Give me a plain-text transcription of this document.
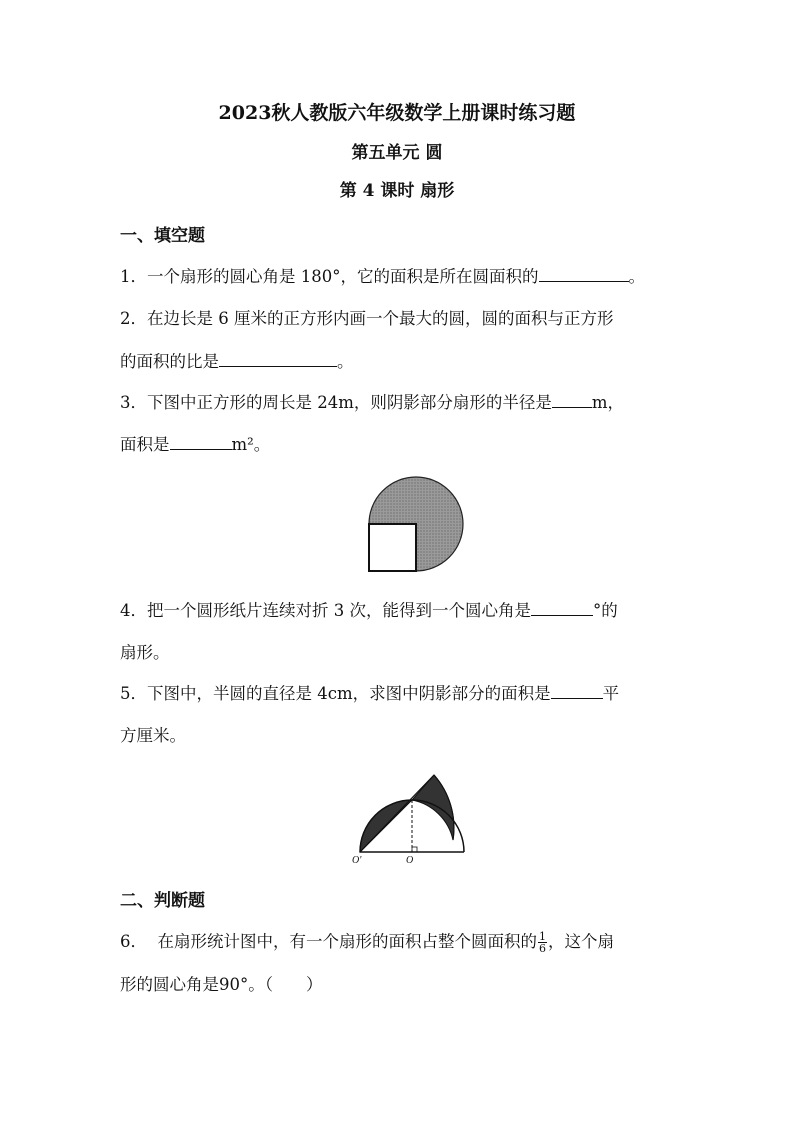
2023秋人教版六年级数学上册课时练习题
第五单元 圆
第 4 课时 扇形
一、填空题
1．一个扇形的圆心角是 180°，它的面积是所在圆面积的	。
2．在边长是 6 厘米的正方形内画一个最大的圆，圆的面积与正方形
的面积的比是	。
3．下图中正方形的周长是 24m，则阴影部分扇形的半径是 m，
面积是	m²。
4．把一个圆形纸片连续对折 3 次，能得到一个圆心角是	°的
扇形。
5．下图中，半圆的直径是 4cm，求图中阴影部分的面积是	平
方厘米。
O'	O
二、判断题
6． 在扇形统计图中，有一个扇形的面积占整个圆面积的 $\frac{1}{6}$ ，这个扇
形的圆心角是90°。（　　）
